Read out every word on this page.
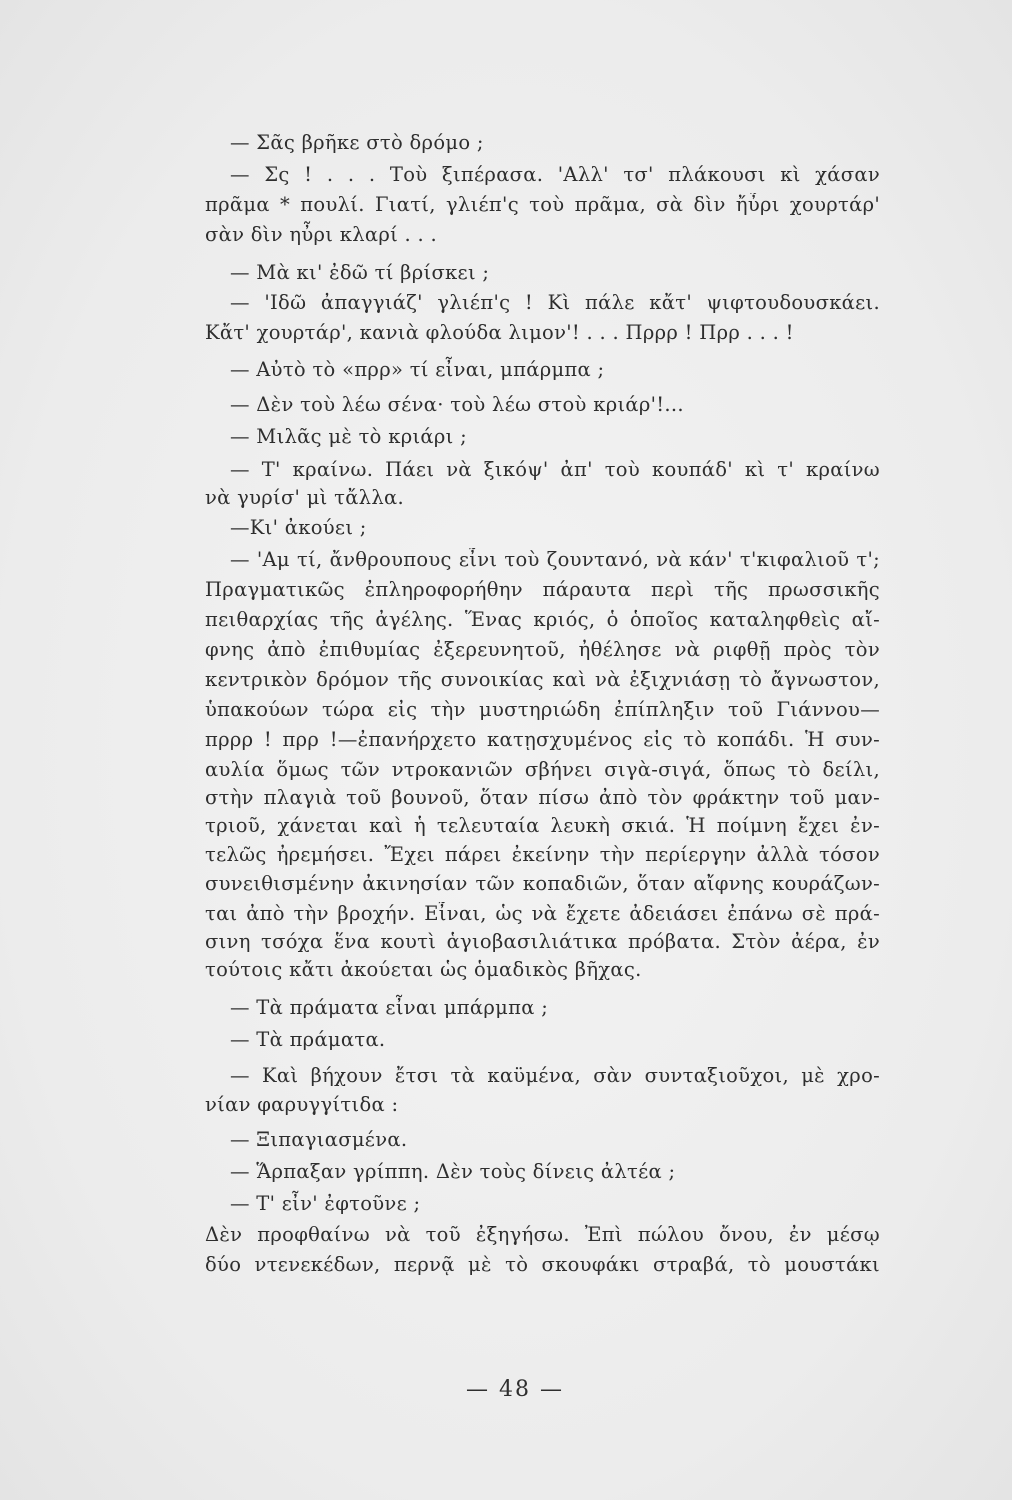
— Σᾶς βρῆκε στὸ δρόμο ;
— Σς ! . . . Τοὺ ξιπέρασα. 'Αλλ' τσ' πλάκουσι κὶ χάσαν
πρᾶμα * πουλί. Γιατί, γλιέπ'ς τοὺ πρᾶμα, σὰ δὶν ἤὖρι χουρτάρ'
σὰν δὶν ηὖρι κλαρί . . .
— Μὰ κι' ἐδῶ τί βρίσκει ;
— 'Ιδῶ ἀπαγγιάζ' γλιέπ'ς ! Κὶ πάλε κἄτ' ψιφτουδουσκάει.
Κἄτ' χουρτάρ', κανιὰ φλούδα λιμον'! . . . Πρρρ ! Πρρ . . . !
— Αὐτὸ τὸ «πρρ» τί εἶναι, μπάρμπα ;
— Δὲν τοὺ λέω σένα· τοὺ λέω στοὺ κριάρ'!...
— Μιλᾶς μὲ τὸ κριάρι ;
— Τ' κραίνω. Πάει νὰ ξικόψ' ἀπ' τοὺ κουπάδ' κὶ τ' κραίνω
νὰ γυρίσ' μὶ τἄλλα.
—Κι' ἀκούει ;
— 'Αμ τί, ἄνθρουπους εἶνι τοὺ ζουντανό, νὰ κάν' τ'κιφαλιοῦ τ';
Πραγματικῶς ἐπληροφορήθην πάραυτα περὶ τῆς πρωσσικῆς
πειθαρχίας τῆς ἀγέλης. Ἕνας κριός, ὁ ὁποῖος καταληφθεὶς αἴ-
φνης ἀπὸ ἐπιθυμίας ἐξερευνητοῦ, ἠθέλησε νὰ ριφθῇ πρὸς τὸν
κεντρικὸν δρόμον τῆς συνοικίας καὶ νὰ ἐξιχνιάσῃ τὸ ἄγνωστον,
ὑπακούων τώρα εἰς τὴν μυστηριώδη ἐπίπληξιν τοῦ Γιάννου—
πρρρ ! πρρ !—ἐπανήρχετο κατῃσχυμένος εἰς τὸ κοπάδι. Ἡ συν-
αυλία ὅμως τῶν ντροκανιῶν σβήνει σιγὰ-σιγά, ὅπως τὸ δείλι,
στὴν πλαγιὰ τοῦ βουνοῦ, ὅταν πίσω ἀπὸ τὸν φράκτην τοῦ μαν-
τριοῦ, χάνεται καὶ ἡ τελευταία λευκὴ σκιά. Ἡ ποίμνη ἔχει ἐν-
τελῶς ἠρεμήσει. Ἔχει πάρει ἐκείνην τὴν περίεργην ἀλλὰ τόσον
συνειθισμένην ἀκινησίαν τῶν κοπαδιῶν, ὅταν αἴφνης κουράζων-
ται ἀπὸ τὴν βροχήν. Εἶναι, ὡς νὰ ἔχετε ἀδειάσει ἐπάνω σὲ πρά-
σινη τσόχα ἕνα κουτὶ ἁγιοβασιλιάτικα πρόβατα. Στὸν ἀέρα, ἐν
τούτοις κἄτι ἀκούεται ὡς ὁμαδικὸς βῆχας.
— Τὰ πράματα εἶναι μπάρμπα ;
— Τὰ πράματα.
— Καὶ βήχουν ἔτσι τὰ καϋμένα, σὰν συνταξιοῦχοι, μὲ χρο-
νίαν φαρυγγίτιδα :
— Ξιπαγιασμένα.
— Ἅρπαξαν γρίππη. Δὲν τοὺς δίνεις ἀλτέα ;
— Τ' εἶν' ἐφτοῦνε ;
Δὲν προφθαίνω νὰ τοῦ ἐξηγήσω. Ἐπὶ πώλου ὄνου, ἐν μέσῳ
δύο ντενεκέδων, περνᾷ μὲ τὸ σκουφάκι στραβά, τὸ μουστάκι
— 48 —
